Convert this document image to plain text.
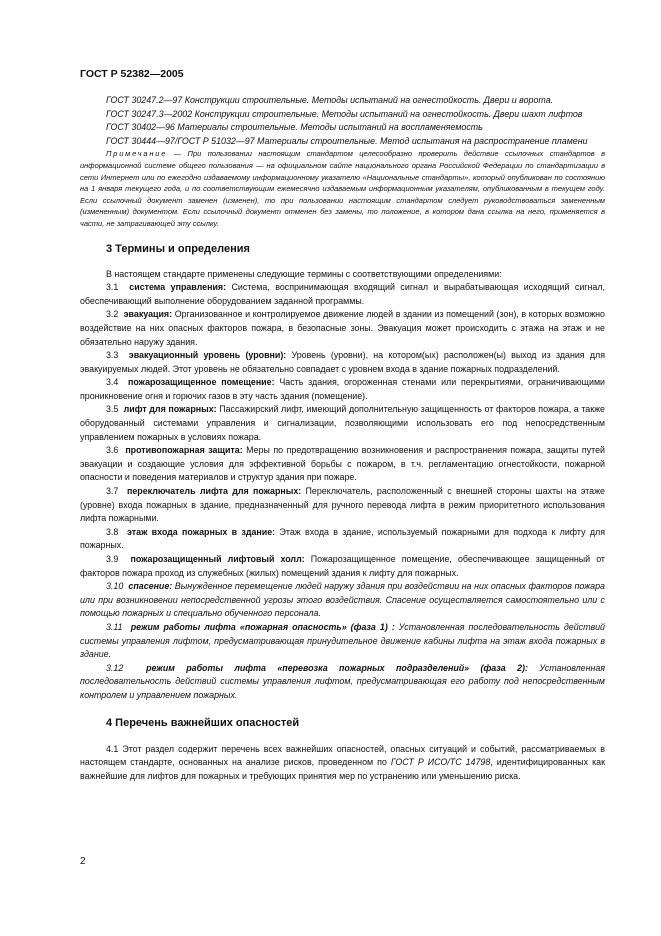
ГОСТ Р 52382—2005

ГОСТ 30247.2—97 Конструкции строительные. Методы испытаний на огнестойкость. Двери и ворота.

ГОСТ 30247.3—2002 Конструкции строительные. Методы испытаний на огнестойкость. Двери шахт лифтов

ГОСТ 30402—96 Материалы строительные. Методы испытаний на воспламеняемость

ГОСТ 30444—97/ГОСТ Р 51032—97 Материалы строительные. Метод испытания на распространение пламени

Примечание — При пользовании настоящим стандартом целесообразно проверить действие ссылочных стандартов в информационной системе общего пользования — на официальном сайте национального органа Российской Федерации по стандартизации в сети Интернет или по ежегодно издаваемому информационному указателю «Национальные стандарты», который опубликован по состоянию на 1 января текущего года, и по соответствующим ежемесячно издаваемым информационным указателям, опубликованным в текущем году. Если ссылочный документ заменен (изменен), то при пользовании настоящим стандартом следует руководствоваться замененным (измененным) документом. Если ссылочный документ отменен без замены, то положение, в котором дана ссылка на него, применяется в части, не затрагивающей эту ссылку.

3 Термины и определения

В настоящем стандарте применены следующие термины с соответствующими определениями:

3.1 система управления: Система, воспринимающая входящий сигнал и вырабатывающая исходящий сигнал, обеспечивающий выполнение оборудованием заданной программы.

3.2 эвакуация: Организованное и контролируемое движение людей в здании из помещений (зон), в которых возможно воздействие на них опасных факторов пожара, в безопасные зоны. Эвакуация может происходить с этажа на этаж и не обязательно наружу здания.

3.3 эвакуационный уровень (уровни): Уровень (уровни), на котором(ых) расположен(ы) выход из здания для эвакуируемых людей. Этот уровень не обязательно совпадает с уровнем входа в здание пожарных подразделений.

3.4 пожарозащищенное помещение: Часть здания, огороженная стенами или перекрытиями, ограничивающими проникновение огня и горючих газов в эту часть здания (помещение).

3.5 лифт для пожарных: Пассажирский лифт, имеющий дополнительную защищенность от факторов пожара, а также оборудованный системами управления и сигнализации, позволяющими использовать его под непосредственным управлением пожарных в условиях пожара.

3.6 противопожарная защита: Меры по предотвращению возникновения и распространения пожара, защиты путей эвакуации и создающие условия для эффективной борьбы с пожаром, в т.ч. регламентацию огнестойкости, пожарной опасности и поведения материалов и структур здания при пожаре.

3.7 переключатель лифта для пожарных: Переключатель, расположенный с внешней стороны шахты на этаже (уровне) входа пожарных в здание, предназначенный для ручного перевода лифта в режим приоритетного использования лифта пожарными.

3.8 этаж входа пожарных в здание: Этаж входа в здание, используемый пожарными для подхода к лифту для пожарных.

3.9 пожарозащищенный лифтовый холл: Пожарозащищенное помещение, обеспечивающее защищенный от факторов пожара проход из служебных (жилых) помещений здания к лифту для пожарных.

3.10 спасение: Вынужденное перемещение людей наружу здания при воздействии на них опасных факторов пожара или при возникновении непосредственной угрозы этого воздействия. Спасение осуществляется самостоятельно или с помощью пожарных и специально обученного персонала.

3.11 режим работы лифта «пожарная опасность» (фаза 1) : Установленная последовательность действий системы управления лифтом, предусматривающая принудительное движение кабины лифта на этаж входа пожарных в здание.

3.12	режим работы лифта «перевозка пожарных подразделений» (фаза 2): Установленная последовательность действий системы управления лифтом, предусматривающая его работу под непосредственным контролем и управлением пожарных.

4 Перечень важнейших опасностей

4.1 Этот раздел содержит перечень всех важнейших опасностей, опасных ситуаций и событий, рассматриваемых в настоящем стандарте, основанных на анализе рисков, проведенном по ГОСТ Р ИСО/ТС 14798, идентифицированных как важнейшие для лифтов для пожарных и требующих принятия мер по устранению или уменьшению риска.

2
